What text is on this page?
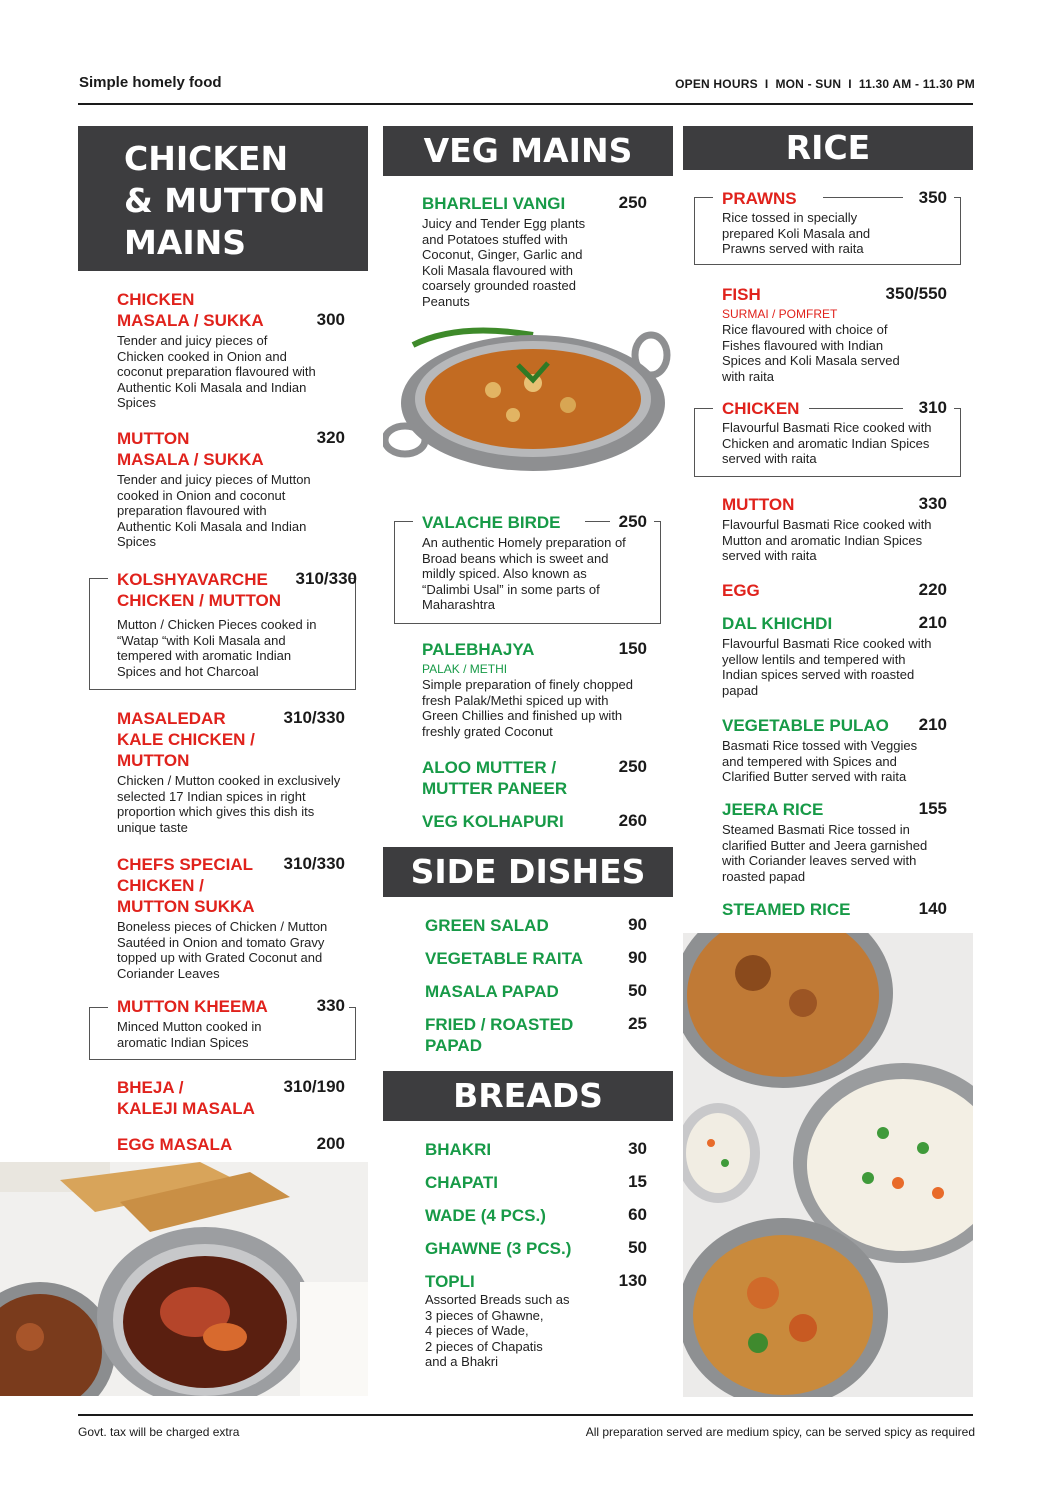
Simple homely food	OPEN HOURS  I  MON - SUN  I  11.30 AM - 11.30 PM
CHICKEN
& MUTTON
MAINS
CHICKEN
MASALA / SUKKA	300
Tender and juicy pieces of Chicken cooked in Onion and coconut preparation flavoured with Authentic Koli Masala and Indian Spices
MUTTON
MASALA / SUKKA
320
Tender and juicy pieces of Mutton cooked in Onion and coconut preparation flavoured with Authentic Koli Masala and Indian Spices
KOLSHYAVARCHE
CHICKEN / MUTTON
310/330
Mutton / Chicken Pieces cooked in “Watap “with Koli Masala and tempered with aromatic Indian Spices and hot Charcoal
MASALEDAR
KALE CHICKEN /
MUTTON
310/330
Chicken / Mutton cooked in exclusively selected 17 Indian spices in right proportion which gives this dish its unique taste
CHEFS SPECIAL
CHICKEN /
MUTTON SUKKA
310/330
Boneless pieces of Chicken / Mutton Sautéed in Onion and tomato Gravy topped up with Grated Coconut and Coriander Leaves
MUTTON KHEEMA	330
Minced Mutton cooked in aromatic Indian Spices
BHEJA /
KALEJI MASALA
310/190
EGG MASALA	200
VEG MAINS
BHARLELI VANGI	250
Juicy and Tender Egg plants and Potatoes stuffed with Coconut, Ginger, Garlic and Koli Masala flavoured with coarsely grounded roasted Peanuts
VALACHE BIRDE	250
An authentic Homely preparation of Broad beans which is sweet and mildly spiced. Also known as “Dalimbi Usal” in some parts of Maharashtra
PALEBHAJYA	150
PALAK / METHI
Simple preparation of finely chopped fresh Palak/Methi spiced up with Green Chillies and finished up with freshly grated Coconut
ALOO MUTTER /
MUTTER PANEER
250
VEG KOLHAPURI	260
SIDE DISHES
GREEN SALAD	90
VEGETABLE RAITA	90
MASALA PAPAD	50
FRIED / ROASTED
PAPAD
25
BREADS
BHAKRI	30
CHAPATI	15
WADE (4 PCS.)	60
GHAWNE (3 PCS.)	50
TOPLI	130
Assorted Breads such as
3 pieces of Ghawne,
4 pieces of Wade,
2 pieces of Chapatis
and a Bhakri
RICE
PRAWNS	350
Rice tossed in specially prepared Koli Masala and Prawns served with raita
FISH	350/550
SURMAI / POMFRET
Rice flavoured with choice of Fishes flavoured with Indian Spices and Koli Masala served with raita
CHICKEN	310
Flavourful Basmati Rice cooked with Chicken and aromatic Indian Spices served with raita
MUTTON	330
Flavourful Basmati Rice cooked with Mutton and aromatic Indian Spices served with raita
EGG	220
DAL KHICHDI	210
Flavourful Basmati Rice cooked with yellow lentils and tempered with Indian spices served with roasted papad
VEGETABLE PULAO	210
Basmati Rice tossed with Veggies and tempered with Spices and Clarified Butter served with raita
JEERA RICE	155
Steamed Basmati Rice tossed in clarified Butter and Jeera garnished with Coriander leaves served with roasted papad
STEAMED RICE	140
Govt. tax will be charged extra	All preparation served are medium spicy, can be served spicy as required
